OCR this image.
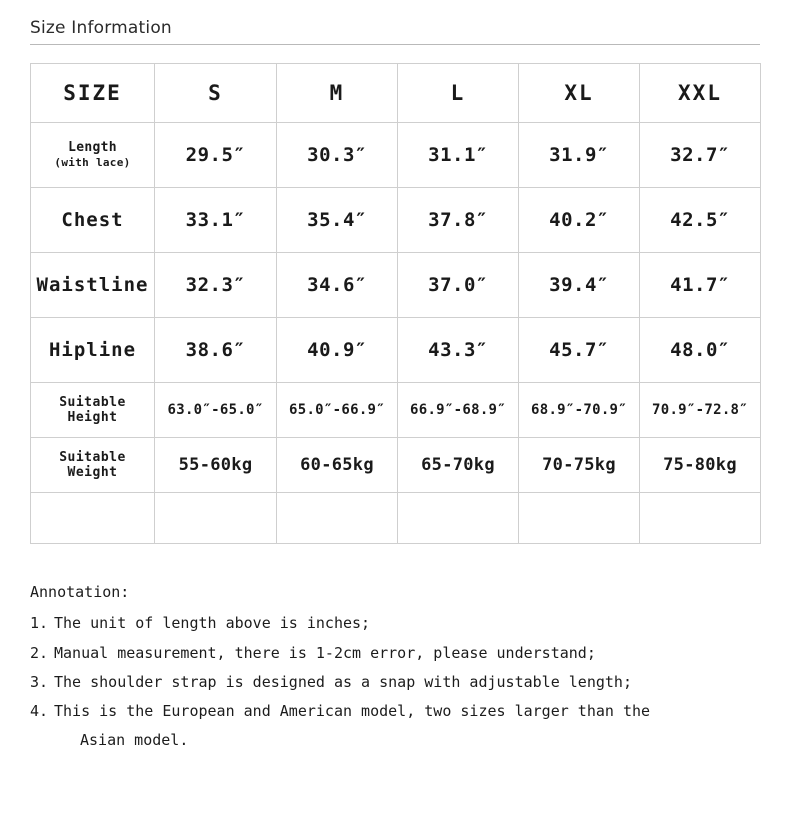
Size Information
SIZE	S	M	L	XL	XXL

Length
(with lace)	29.5″	30.3″	31.1″	31.9″	32.7″
Chest	33.1″	35.4″	37.8″	40.2″	42.5″
Waistline	32.3″	34.6″	37.0″	39.4″	41.7″
Hipline	38.6″	40.9″	43.3″	45.7″	48.0″
Suitable Height	63.0″-65.0″	65.0″-66.9″	66.9″-68.9″	68.9″-70.9″	70.9″-72.8″
Suitable Weight	55-60kg	60-65kg	65-70kg	70-75kg	75-80kg

Annotation:
1. The unit of length above is inches;
2. Manual measurement, there is 1-2cm error, please understand;
3. The shoulder strap is designed as a snap with adjustable length;
4. This is the European and American model, two sizes larger than the
Asian model.
